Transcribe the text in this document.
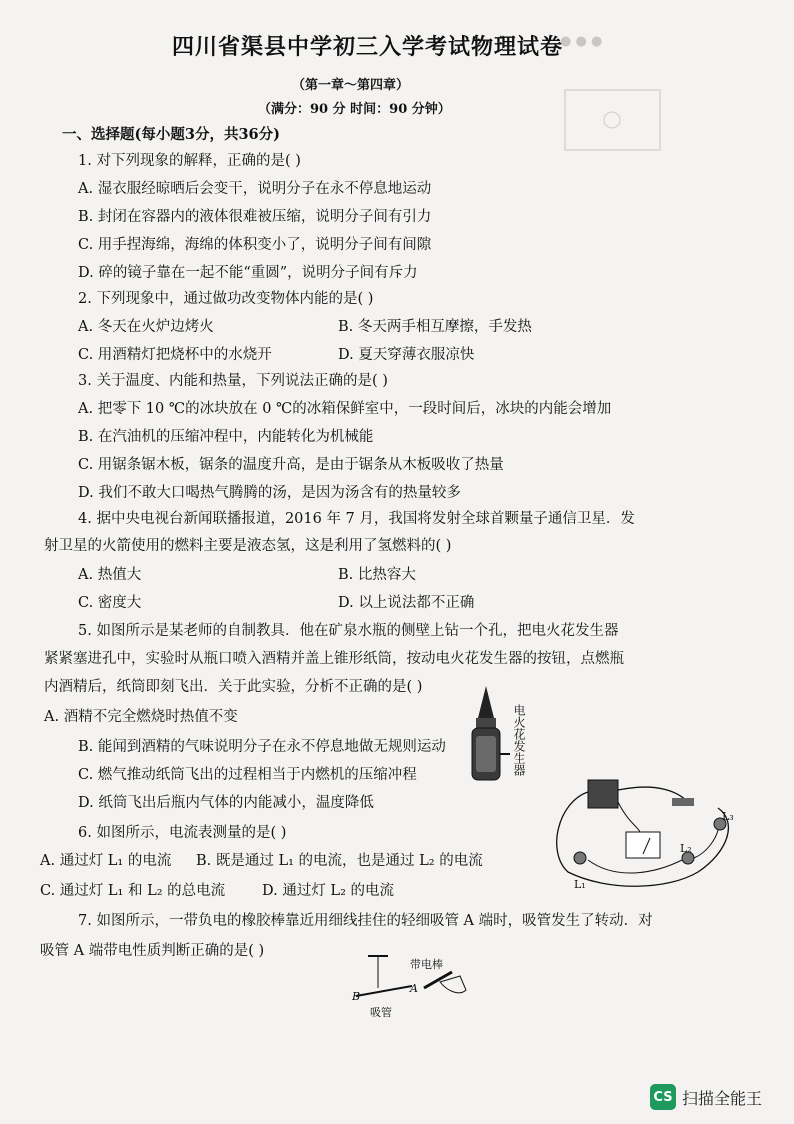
● ● ●
四川省渠县中学初三入学考试物理试卷
（第一章～第四章）
（满分：90 分 时间：90 分钟）
一、选择题(每小题3分，共36分)
1. 对下列现象的解释，正确的是( )
A. 湿衣服经晾晒后会变干，说明分子在永不停息地运动
B. 封闭在容器内的液体很难被压缩，说明分子间有引力
C. 用手捏海绵，海绵的体积变小了，说明分子间有间隙
D. 碎的镜子靠在一起不能“重圆”，说明分子间有斥力
2. 下列现象中，通过做功改变物体内能的是( )
A. 冬天在火炉边烤火	B. 冬天两手相互摩擦，手发热
C. 用酒精灯把烧杯中的水烧开	D. 夏天穿薄衣服凉快
3. 关于温度、内能和热量，下列说法正确的是( )
A. 把零下 10 ℃的冰块放在 0 ℃的冰箱保鲜室中，一段时间后，冰块的内能会增加
B. 在汽油机的压缩冲程中，内能转化为机械能
C. 用锯条锯木板，锯条的温度升高，是由于锯条从木板吸收了热量
D. 我们不敢大口喝热气腾腾的汤，是因为汤含有的热量较多
4. 据中央电视台新闻联播报道，2016 年 7 月，我国将发射全球首颗量子通信卫星．发
射卫星的火箭使用的燃料主要是液态氢，这是利用了氢燃料的( )
A. 热值大	B. 比热容大
C. 密度大	D. 以上说法都不正确
5. 如图所示是某老师的自制教具．他在矿泉水瓶的侧壁上钻一个孔，把电火花发生器
紧紧塞进孔中，实验时从瓶口喷入酒精并盖上锥形纸筒，按动电火花发生器的按钮，点燃瓶
内酒精后，纸筒即刻飞出．关于此实验，分析不正确的是( )
A. 酒精不完全燃烧时热值不变
B. 能闻到酒精的气味说明分子在永不停息地做无规则运动
C. 燃气推动纸筒飞出的过程相当于内燃机的压缩冲程
D. 纸筒飞出后瓶内气体的内能减小，温度降低
电火花发生器
6. 如图所示，电流表测量的是( )
A. 通过灯 L₁ 的电流 B. 既是通过 L₁ 的电流，也是通过 L₂ 的电流
C. 通过灯 L₁ 和 L₂ 的总电流	D. 通过灯 L₂ 的电流	L₁
L₂
L₃
7. 如图所示，一带负电的橡胶棒靠近用细线挂住的轻细吸管 A 端时，吸管发生了转动．对
吸管 A 端带电性质判断正确的是( )
B
A
吸管
带电棒
CS 扫描全能王
